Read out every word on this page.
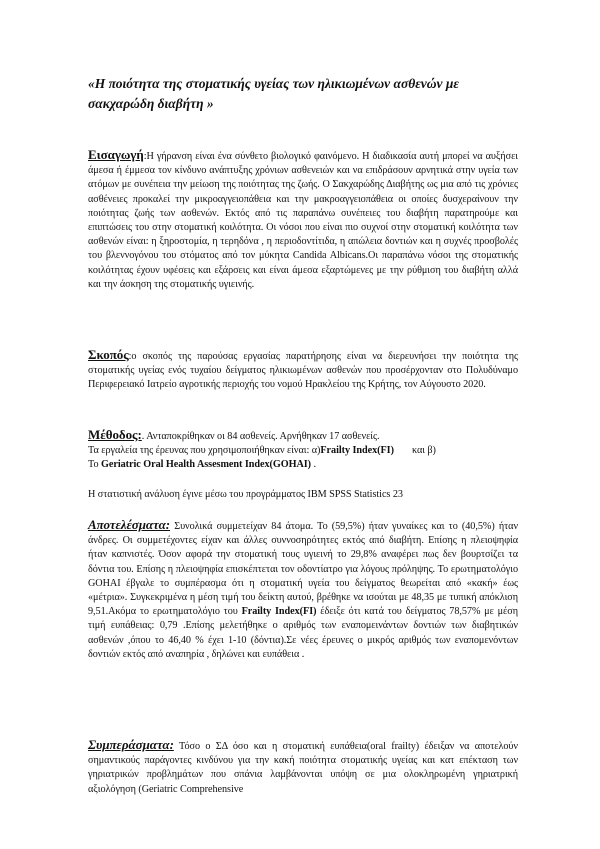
«Η ποιότητα της στοματικής υγείας των ηλικιωμένων ασθενών με σακχαρώδη διαβήτη »

Εισαγωγή:Η γήρανση είναι ένα σύνθετο βιολογικό φαινόμενο. Η διαδικασία αυτή μπορεί να αυξήσει άμεσα ή έμμεσα τον κίνδυνο ανάπτυξης χρόνιων ασθενειών και να επιδράσουν αρνητικά στην υγεία των ατόμων με συνέπεια την μείωση της ποιότητας της ζωής. Ο Σακχαρώδης Διαβήτης ως μια από τις χρόνιες ασθένειες προκαλεί την μικροαγγειοπάθεια και την μακροαγγειοπάθεια οι οποίες δυσχεραίνουν την ποιότητας ζωής των ασθενών. Εκτός από τις παραπάνω συνέπειες του διαβήτη παρατηρούμε και επιπτώσεις του στην στοματική κοιλότητα. Οι νόσοι που είναι πιο συχνοί στην στοματική κοιλότητα των ασθενών είναι: η ξηροστομία, η τερηδόνα , η περιοδοντίτιδα, η απώλεια δοντιών και η συχνές προσβολές του βλεννογόνου του στόματος από τον μύκητα Candida Albicans.Οι παραπάνω νόσοι της στοματικής κοιλότητας έχουν υφέσεις και εξάρσεις και είναι άμεσα εξαρτώμενες με την ρύθμιση του διαβήτη αλλά και την άσκηση της στοματικής υγιεινής.

Σκοπός:ο σκοπός της παρούσας εργασίας παρατήρησης είναι να διερευνήσει την ποιότητα της στοματικής υγείας ενός τυχαίου δείγματος ηλικιωμένων ασθενών που προσέρχονταν στο Πολυδύναμο Περιφερειακό Ιατρείο αγροτικής περιοχής του νομού Ηρακλείου της Κρήτης, τον Αύγουστο 2020.

Μέθοδος:. Ανταποκρίθηκαν οι 84 ασθενείς. Αρνήθηκαν 17 ασθενείς.
Τα εργαλεία της έρευνας που χρησιμοποιήθηκαν είναι: α)Frailty Index(FI) και β)
Το Geriatric Oral Health Assesment Index(GOHAI) .

Η στατιστική ανάλυση έγινε μέσω του προγράμματος IBM SPSS Statistics 23

Αποτελέσματα: Συνολικά συμμετείχαν 84 άτομα. Το (59,5%) ήταν γυναίκες και το (40,5%) ήταν άνδρες. Οι συμμετέχοντες είχαν και άλλες συννοσηρότητες εκτός από διαβήτη. Επίσης η πλειοψηφία ήταν καπνιστές. Όσον αφορά την στοματική τους υγιεινή το 29,8% αναφέρει πως δεν βουρτσίζει τα δόντια του. Επίσης η πλειοψηφία επισκέπτεται τον οδοντίατρο για λόγους πρόληψης. Το ερωτηματολόγιο GOHAI έβγαλε το συμπέρασμα ότι η στοματική υγεία του δείγματος θεωρείται από «κακή» έως «μέτρια». Συγκεκριμένα η μέση τιμή του δείκτη αυτού, βρέθηκε να ισούται με 48,35 με τυπική απόκλιση 9,51.Ακόμα το ερωτηματολόγιο του Frailty Index(FI) έδειξε ότι κατά του δείγματος 78,57% με μέση τιμή ευπάθειας: 0,79 .Επίσης μελετήθηκε ο αριθμός των εναπομεινάντων δοντιών των διαβητικών ασθενών ,όπου το 46,40 % έχει 1-10 (δόντια).Σε νέες έρευνες ο μικρός αριθμός των εναπομενόντων δοντιών εκτός από αναπηρία , δηλώνει και ευπάθεια .

Συμπεράσματα: Τόσο ο ΣΔ όσο και η στοματική ευπάθεια(oral frailty) έδειξαν να αποτελούν σημαντικούς παράγοντες κινδύνου για την κακή ποιότητα στοματικής υγείας και κατ επέκταση των γηριατρικών προβλημάτων που σπάνια λαμβάνονται υπόψη σε μια ολοκληρωμένη γηριατρική αξιολόγηση (Geriatric Comprehensive
